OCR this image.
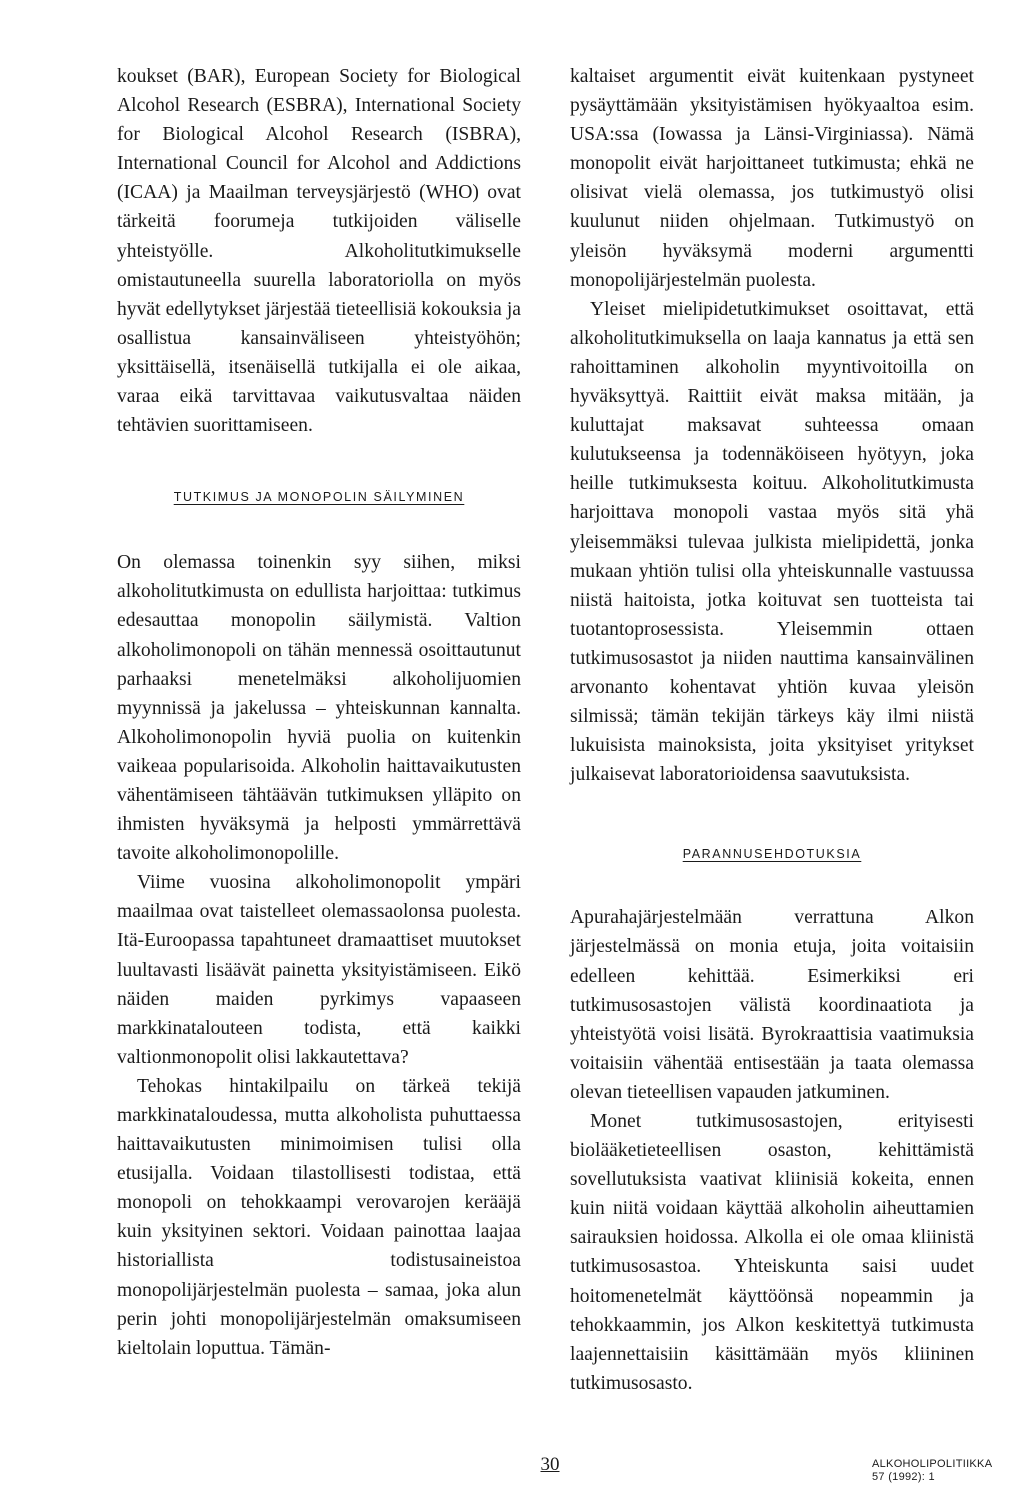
koukset (BAR), European Society for Biological Alcohol Research (ESBRA), International Society for Biological Alcohol Research (ISBRA), International Council for Alcohol and Addictions (ICAA) ja Maailman terveysjärjestö (WHO) ovat tärkeitä foorumeja tutkijoiden väliselle yhteistyölle. Alkoholitutkimukselle omistautuneella suurella laboratoriolla on myös hyvät edellytykset järjestää tieteellisiä kokouksia ja osallistua kansainväliseen yhteistyöhön; yksittäisellä, itsenäisellä tutkijalla ei ole aikaa, varaa eikä tarvittavaa vaikutusvaltaa näiden tehtävien suorittamiseen.

TUTKIMUS JA MONOPOLIN SÄILYMINEN

On olemassa toinenkin syy siihen, miksi alkoholitutkimusta on edullista harjoittaa: tutkimus edesauttaa monopolin säilymistä. Valtion alkoholimonopoli on tähän mennessä osoittautunut parhaaksi menetelmäksi alkoholijuomien myynnissä ja jakelussa – yhteiskunnan kannalta. Alkoholimonopolin hyviä puolia on kuitenkin vaikeaa popularisoida. Alkoholin haittavaikutusten vähentämiseen tähtäävän tutkimuksen ylläpito on ihmisten hyväksymä ja helposti ymmärrettävä tavoite alkoholimonopolille.

Viime vuosina alkoholimonopolit ympäri maailmaa ovat taistelleet olemassaolonsa puolesta. Itä-Euroopassa tapahtuneet dramaattiset muutokset luultavasti lisäävät painetta yksityistämiseen. Eikö näiden maiden pyrkimys vapaaseen markkinatalouteen todista, että kaikki valtionmonopolit olisi lakkautettava?

Tehokas hintakilpailu on tärkeä tekijä markkinataloudessa, mutta alkoholista puhuttaessa haittavaikutusten minimoimisen tulisi olla etusijalla. Voidaan tilastollisesti todistaa, että monopoli on tehokkaampi verovarojen kerääjä kuin yksityinen sektori. Voidaan painottaa laajaa historiallista todistusaineistoa monopolijärjestelmän puolesta – samaa, joka alun perin johti monopolijärjestelmän omaksumiseen kieltolain loputtua. Tämän-

kaltaiset argumentit eivät kuitenkaan pystyneet pysäyttämään yksityistämisen hyökyaaltoa esim. USA:ssa (Iowassa ja Länsi-Virginiassa). Nämä monopolit eivät harjoittaneet tutkimusta; ehkä ne olisivat vielä olemassa, jos tutkimustyö olisi kuulunut niiden ohjelmaan. Tutkimustyö on yleisön hyväksymä moderni argumentti monopolijärjestelmän puolesta.

Yleiset mielipidetutkimukset osoittavat, että alkoholitutkimuksella on laaja kannatus ja että sen rahoittaminen alkoholin myyntivoitoilla on hyväksyttyä. Raittiit eivät maksa mitään, ja kuluttajat maksavat suhteessa omaan kulutukseensa ja todennäköiseen hyötyyn, joka heille tutkimuksesta koituu. Alkoholitutkimusta harjoittava monopoli vastaa myös sitä yhä yleisemmäksi tulevaa julkista mielipidettä, jonka mukaan yhtiön tulisi olla yhteiskunnalle vastuussa niistä haitoista, jotka koituvat sen tuotteista tai tuotantoprosessista. Yleisemmin ottaen tutkimusosastot ja niiden nauttima kansainvälinen arvonanto kohentavat yhtiön kuvaa yleisön silmissä; tämän tekijän tärkeys käy ilmi niistä lukuisista mainoksista, joita yksityiset yritykset julkaisevat laboratorioidensa saavutuksista.

PARANNUSEHDOTUKSIA

Apurahajärjestelmään verrattuna Alkon järjestelmässä on monia etuja, joita voitaisiin edelleen kehittää. Esimerkiksi eri tutkimusosastojen välistä koordinaatiota ja yhteistyötä voisi lisätä. Byrokraattisia vaatimuksia voitaisiin vähentää entisestään ja taata olemassa olevan tieteellisen vapauden jatkuminen.

Monet tutkimusosastojen, erityisesti biolääketieteellisen osaston, kehittämistä sovellutuksista vaativat kliinisiä kokeita, ennen kuin niitä voidaan käyttää alkoholin aiheuttamien sairauksien hoidossa. Alkolla ei ole omaa kliinistä tutkimusosastoa. Yhteiskunta saisi uudet hoitomenetelmät käyttöönsä nopeammin ja tehokkaammin, jos Alkon keskitettyä tutkimusta laajennettaisiin käsittämään myös kliininen tutkimusosasto.

30	ALKOHOLIPOLITIIKKA
57 (1992): 1
